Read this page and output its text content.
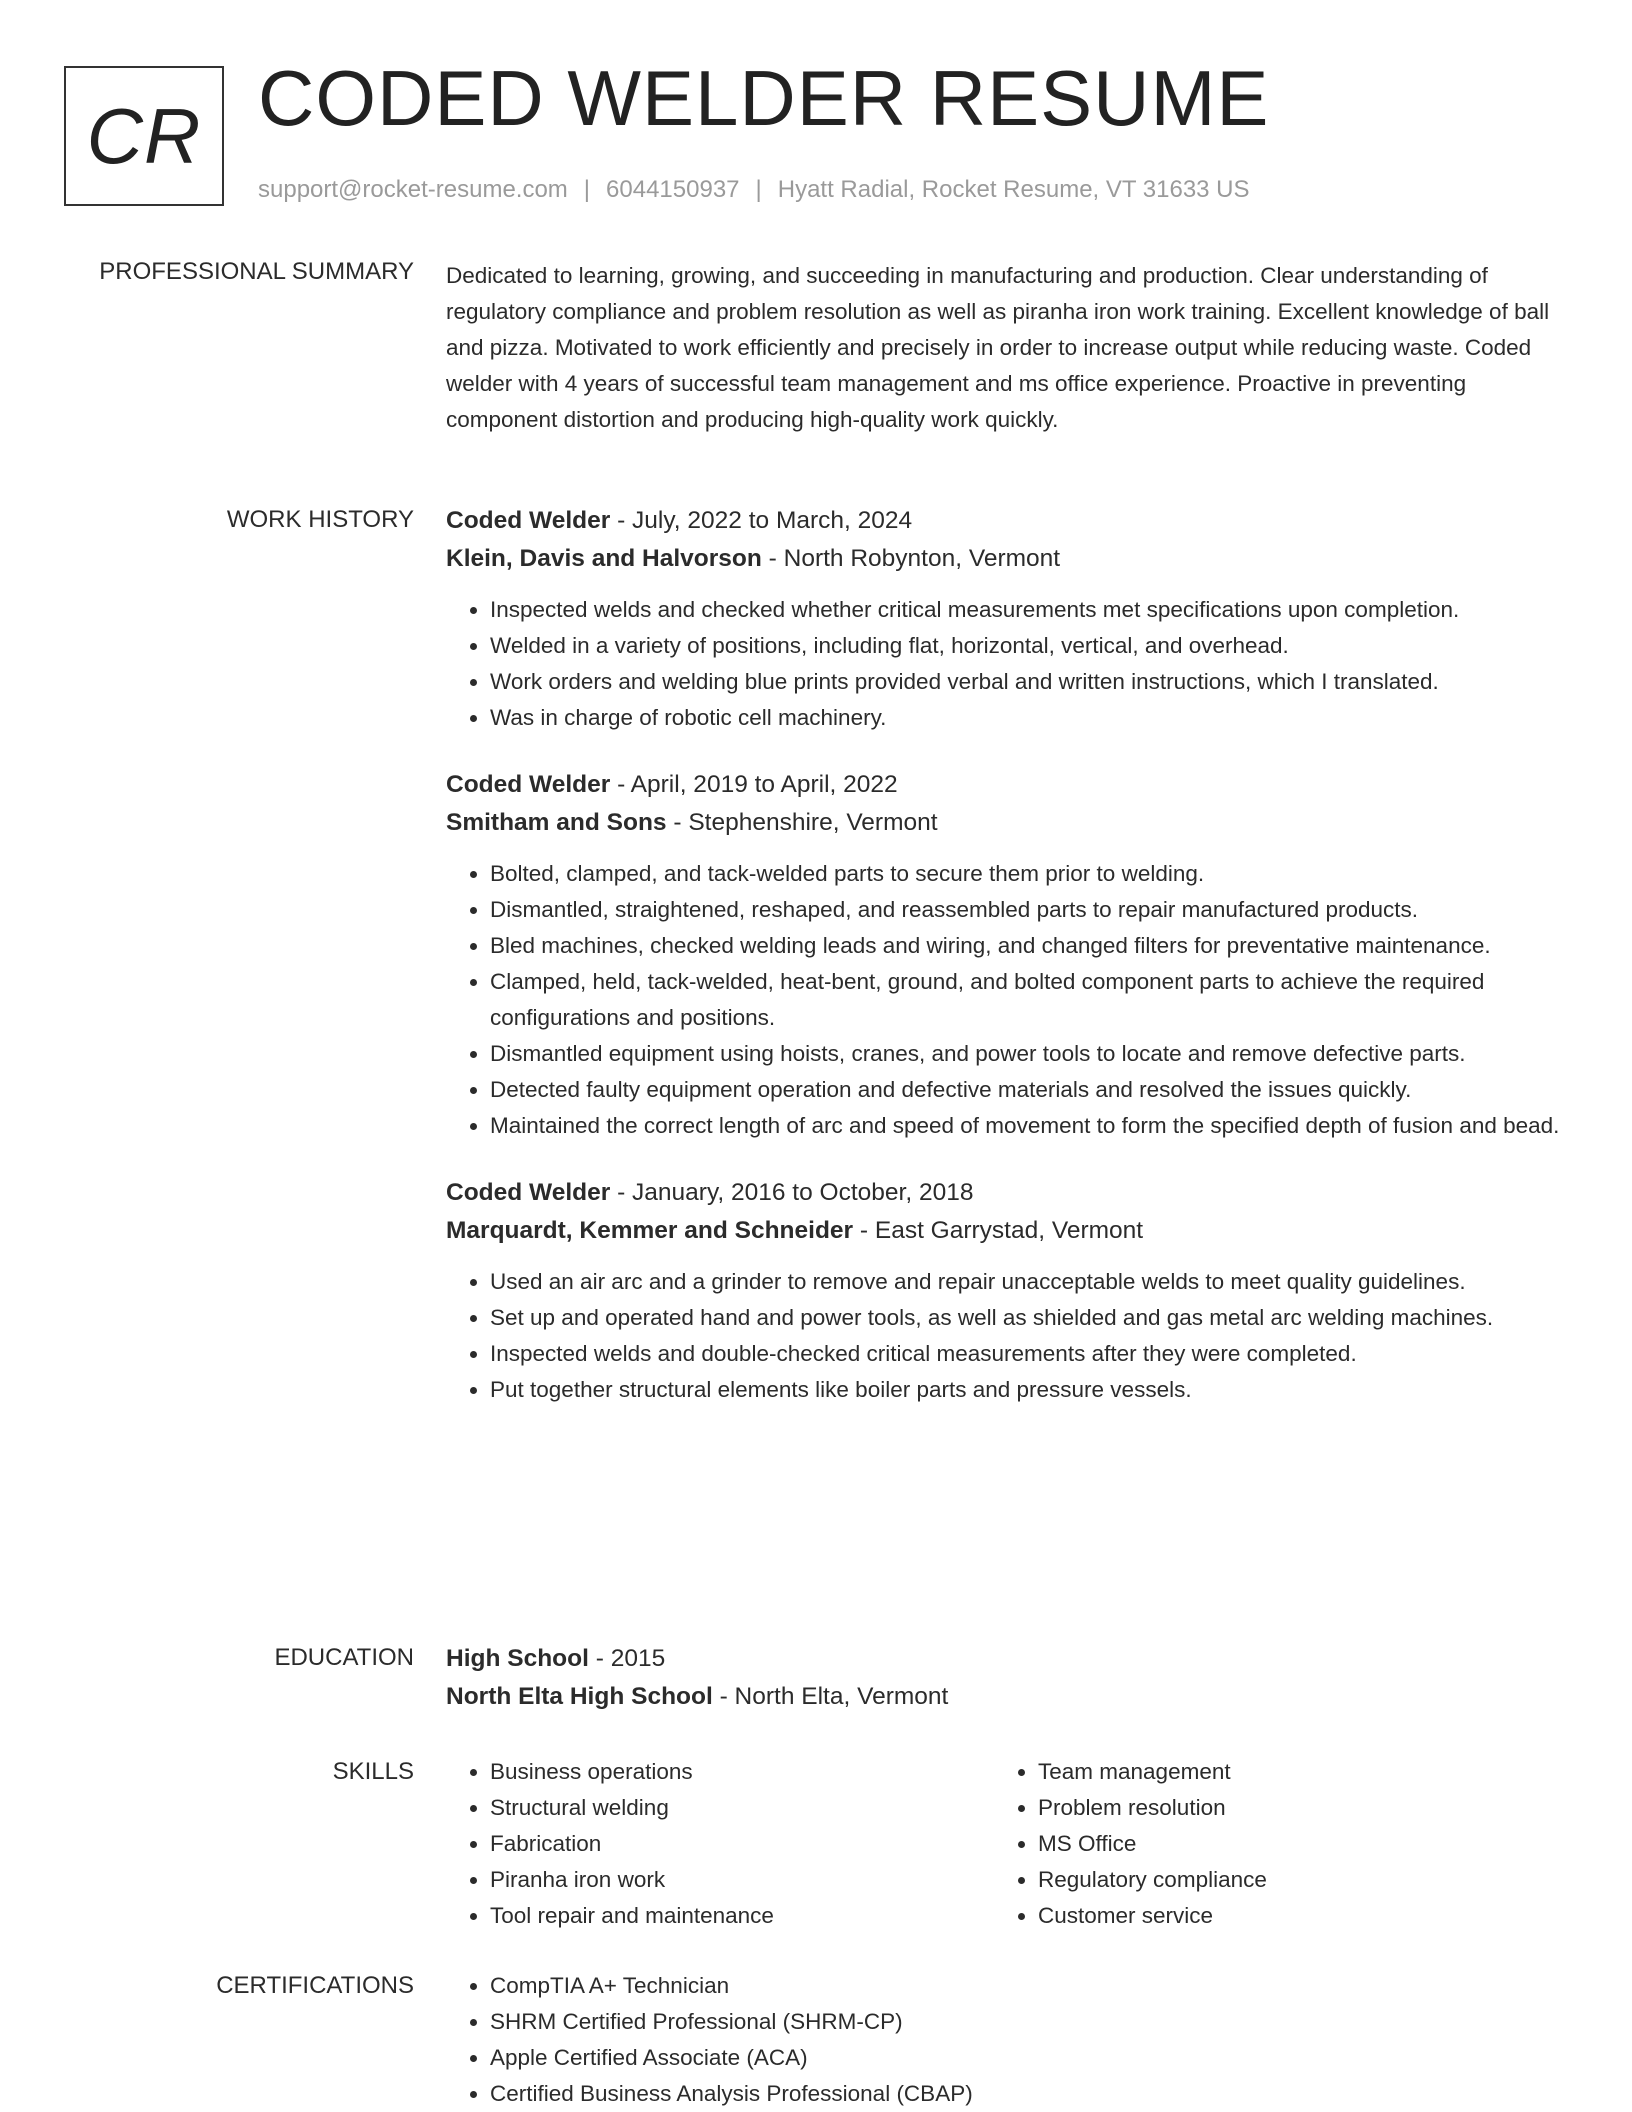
CR CODED WELDER RESUME
support@rocket-resume.com | 6044150937 | Hyatt Radial, Rocket Resume, VT 31633 US
PROFESSIONAL SUMMARY Dedicated to learning, growing, and succeeding in manufacturing and production. Clear understanding of regulatory compliance and problem resolution as well as piranha iron work training. Excellent knowledge of ball and pizza. Motivated to work efficiently and precisely in order to increase output while reducing waste. Coded welder with 4 years of successful team management and ms office experience. Proactive in preventing component distortion and producing high-quality work quickly.

WORK HISTORY Coded Welder - July, 2022 to March, 2024
Klein, Davis and Halvorson - North Robynton, Vermont
• Inspected welds and checked whether critical measurements met specifications upon completion.
• Welded in a variety of positions, including flat, horizontal, vertical, and overhead.
• Work orders and welding blue prints provided verbal and written instructions, which I translated.
• Was in charge of robotic cell machinery.
Coded Welder - April, 2019 to April, 2022
Smitham and Sons - Stephenshire, Vermont
• Bolted, clamped, and tack-welded parts to secure them prior to welding.
• Dismantled, straightened, reshaped, and reassembled parts to repair manufactured products.
• Bled machines, checked welding leads and wiring, and changed filters for preventative maintenance.
• Clamped, held, tack-welded, heat-bent, ground, and bolted component parts to achieve the required configurations and positions.
• Dismantled equipment using hoists, cranes, and power tools to locate and remove defective parts.
• Detected faulty equipment operation and defective materials and resolved the issues quickly.
• Maintained the correct length of arc and speed of movement to form the specified depth of fusion and bead.
Coded Welder - January, 2016 to October, 2018
Marquardt, Kemmer and Schneider - East Garrystad, Vermont
• Used an air arc and a grinder to remove and repair unacceptable welds to meet quality guidelines.
• Set up and operated hand and power tools, as well as shielded and gas metal arc welding machines.
• Inspected welds and double-checked critical measurements after they were completed.
• Put together structural elements like boiler parts and pressure vessels.
EDUCATION High School - 2015
North Elta High School - North Elta, Vermont
SKILLS	• Business operations
• Structural welding
• Fabrication
• Piranha iron work
• Tool repair and maintenance
• Team management
• Problem resolution
• MS Office
• Regulatory compliance
• Customer service
CERTIFICATIONS	• CompTIA A+ Technician
• SHRM Certified Professional (SHRM-CP)
• Apple Certified Associate (ACA)
• Certified Business Analysis Professional (CBAP)
